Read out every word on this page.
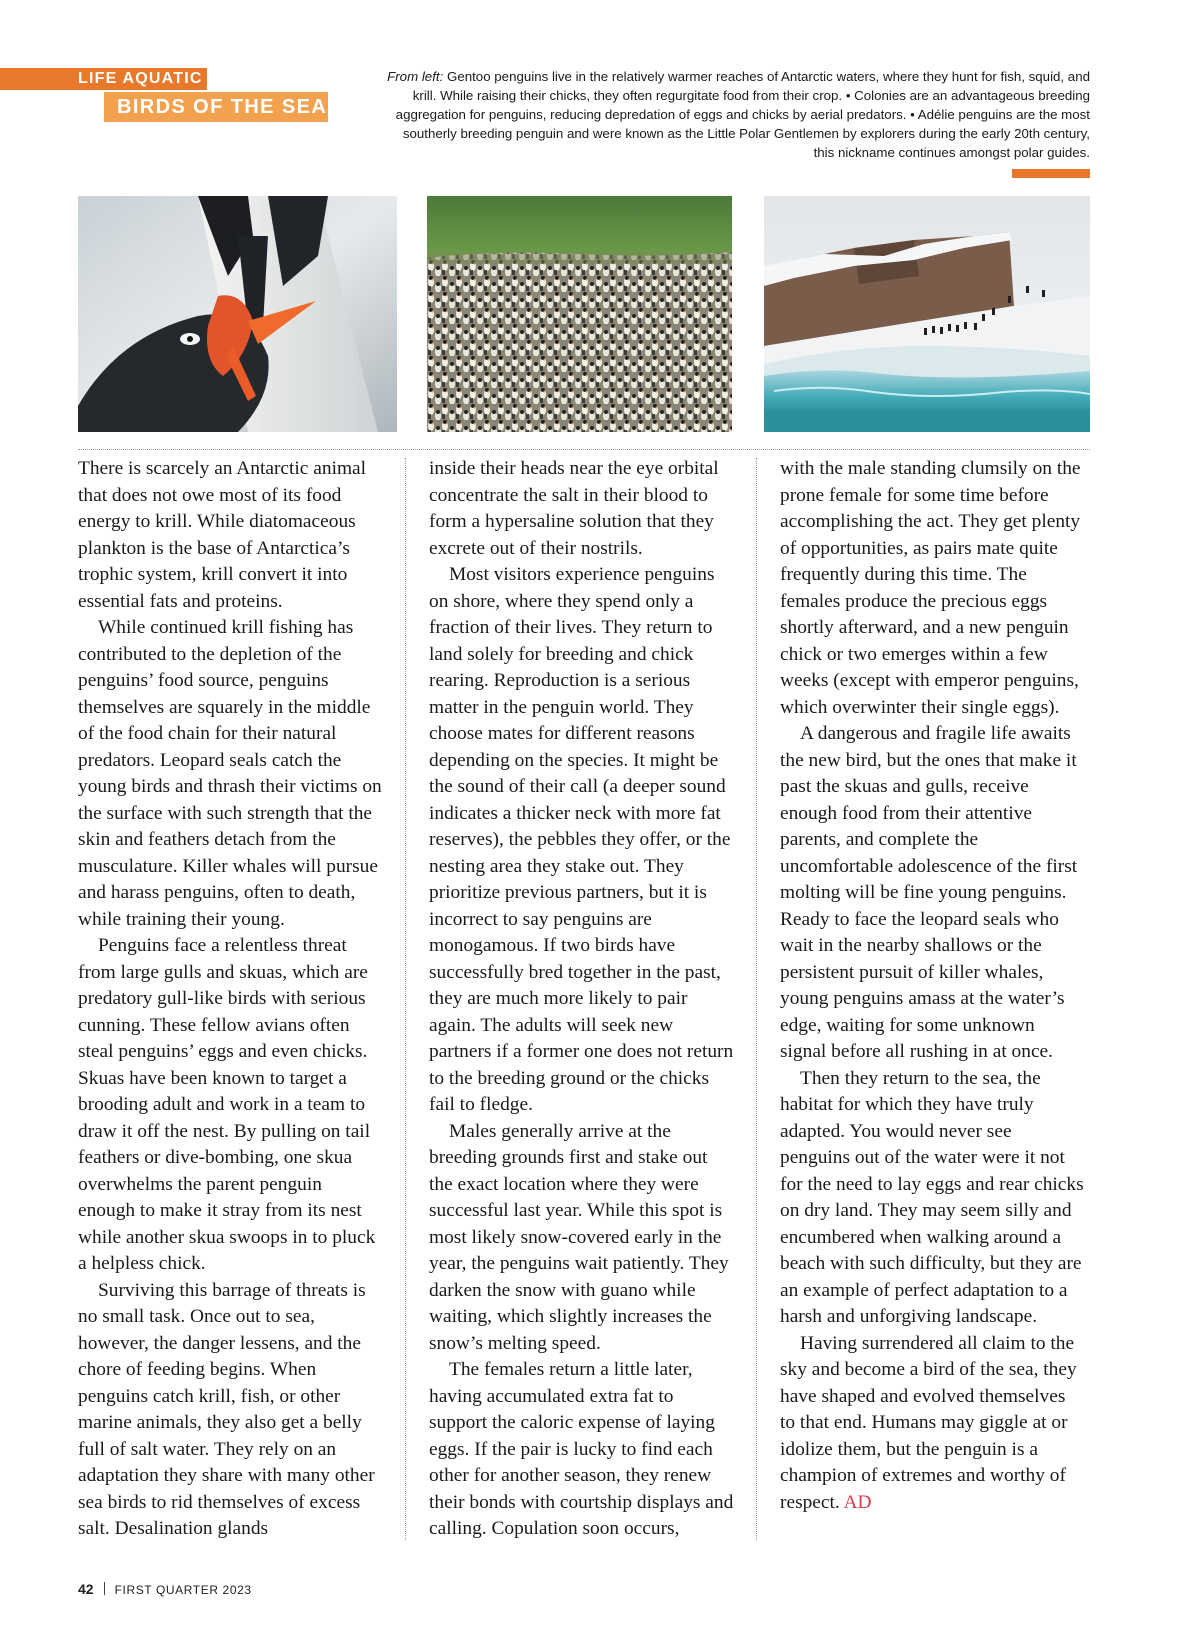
LIFE AQUATIC
BIRDS OF THE SEA

From left: Gentoo penguins live in the relatively warmer reaches of Antarctic waters, where they hunt for fish, squid, and krill. While raising their chicks, they often regurgitate food from their crop. • Colonies are an advantageous breeding aggregation for penguins, reducing depredation of eggs and chicks by aerial predators. • Adélie penguins are the most southerly breeding penguin and were known as the Little Polar Gentlemen by explorers during the early 20th century, this nickname continues amongst polar guides.

There is scarcely an Antarctic animal that does not owe most of its food energy to krill. While diatomaceous plankton is the base of Antarctica’s trophic system, krill convert it into essential fats and proteins.

While continued krill fishing has contributed to the depletion of the penguins’ food source, penguins themselves are squarely in the middle of the food chain for their natural predators. Leopard seals catch the young birds and thrash their victims on the surface with such strength that the skin and feathers detach from the musculature. Killer whales will pursue and harass penguins, often to death, while training their young.

Penguins face a relentless threat from large gulls and skuas, which are predatory gull-like birds with serious cunning. These fellow avians often steal penguins’ eggs and even chicks. Skuas have been known to target a brooding adult and work in a team to draw it off the nest. By pulling on tail feathers or dive-bombing, one skua overwhelms the parent penguin enough to make it stray from its nest while another skua swoops in to pluck a helpless chick.

Surviving this barrage of threats is no small task. Once out to sea, however, the danger lessens, and the chore of feeding begins. When penguins catch krill, fish, or other marine animals, they also get a belly full of salt water. They rely on an adaptation they share with many other sea birds to rid themselves of excess salt. Desalination glands

inside their heads near the eye orbital concentrate the salt in their blood to form a hypersaline solution that they excrete out of their nostrils.

Most visitors experience penguins on shore, where they spend only a fraction of their lives. They return to land solely for breeding and chick rearing. Reproduction is a serious matter in the penguin world. They choose mates for different reasons depending on the species. It might be the sound of their call (a deeper sound indicates a thicker neck with more fat reserves), the pebbles they offer, or the nesting area they stake out. They prioritize previous partners, but it is incorrect to say penguins are monogamous. If two birds have successfully bred together in the past, they are much more likely to pair again. The adults will seek new partners if a former one does not return to the breeding ground or the chicks fail to fledge.

Males generally arrive at the breeding grounds first and stake out the exact location where they were successful last year. While this spot is most likely snow-covered early in the year, the penguins wait patiently. They darken the snow with guano while waiting, which slightly increases the snow’s melting speed.

The females return a little later, having accumulated extra fat to support the caloric expense of laying eggs. If the pair is lucky to find each other for another season, they renew their bonds with courtship displays and calling. Copulation soon occurs,

with the male standing clumsily on the prone female for some time before accomplishing the act. They get plenty of opportunities, as pairs mate quite frequently during this time. The females produce the precious eggs shortly afterward, and a new penguin chick or two emerges within a few weeks (except with emperor penguins, which overwinter their single eggs).

A dangerous and fragile life awaits the new bird, but the ones that make it past the skuas and gulls, receive enough food from their attentive parents, and complete the uncomfortable adolescence of the first molting will be fine young penguins. Ready to face the leopard seals who wait in the nearby shallows or the persistent pursuit of killer whales, young penguins amass at the water’s edge, waiting for some unknown signal before all rushing in at once.

Then they return to the sea, the habitat for which they have truly adapted. You would never see penguins out of the water were it not for the need to lay eggs and rear chicks on dry land. They may seem silly and encumbered when walking around a beach with such difficulty, but they are an example of perfect adaptation to a harsh and unforgiving landscape.

Having surrendered all claim to the sky and become a bird of the sea, they have shaped and evolved themselves to that end. Humans may giggle at or idolize them, but the penguin is a champion of extremes and worthy of respect. AD

42 FIRST QUARTER 2023
